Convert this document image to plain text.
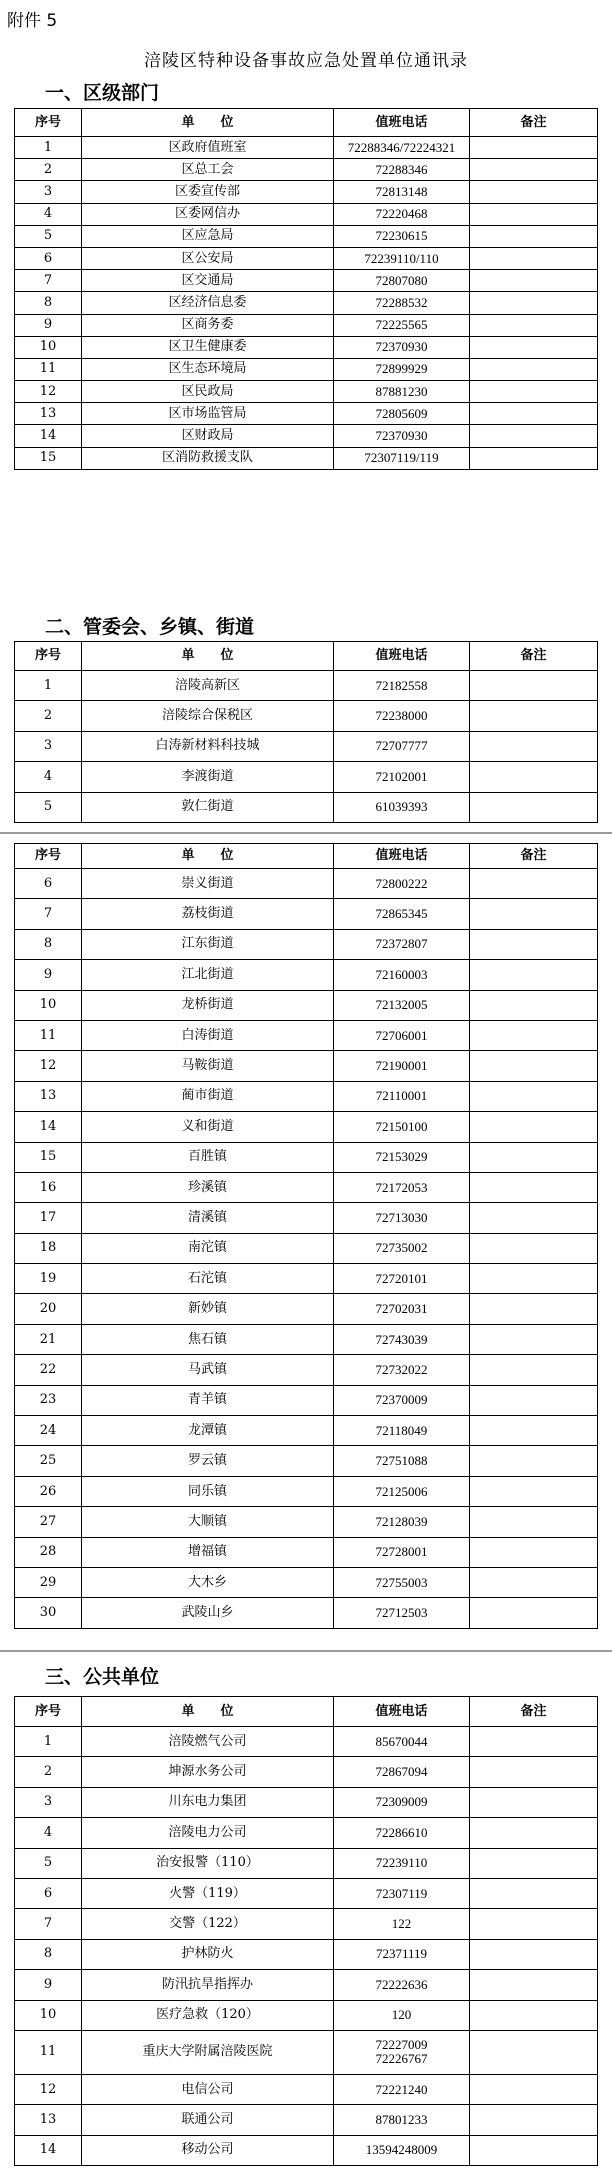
附件 5
涪陵区特种设备事故应急处置单位通讯录
一、区级部门
序号	单　　位	值班电话	备注
1	区政府值班室	72288346/72224321	
2	区总工会	72288346	
3	区委宣传部	72813148	
4	区委网信办	72220468	
5	区应急局	72230615	
6	区公安局	72239110/110	
7	区交通局	72807080	
8	区经济信息委	72288532	
9	区商务委	72225565	
10	区卫生健康委	72370930	
11	区生态环境局	72899929	
12	区民政局	87881230	
13	区市场监管局	72805609	
14	区财政局	72370930	
15	区消防救援支队	72307119/119	
二、管委会、乡镇、街道
序号	单　　位	值班电话	备注
1	涪陵高新区	72182558	
2	涪陵综合保税区	72238000	
3	白涛新材料科技城	72707777	
4	李渡街道	72102001	
5	敦仁街道	61039393	
序号	单　　位	值班电话	备注
6	崇义街道	72800222	
7	荔枝街道	72865345	
8	江东街道	72372807	
9	江北街道	72160003	
10	龙桥街道	72132005	
11	白涛街道	72706001	
12	马鞍街道	72190001	
13	蔺市街道	72110001	
14	义和街道	72150100	
15	百胜镇	72153029	
16	珍溪镇	72172053	
17	清溪镇	72713030	
18	南沱镇	72735002	
19	石沱镇	72720101	
20	新妙镇	72702031	
21	焦石镇	72743039	
22	马武镇	72732022	
23	青羊镇	72370009	
24	龙潭镇	72118049	
25	罗云镇	72751088	
26	同乐镇	72125006	
27	大顺镇	72128039	
28	增福镇	72728001	
29	大木乡	72755003	
30	武陵山乡	72712503	
三、公共单位
序号	单　　位	值班电话	备注
1	涪陵燃气公司	85670044	
2	坤源水务公司	72867094	
3	川东电力集团	72309009	
4	涪陵电力公司	72286610	
5	治安报警（110）	72239110	
6	火警（119）	72307119	
7	交警（122）	122	
8	护林防火	72371119	
9	防汛抗旱指挥办	72222636	
10	医疗急救（120）	120	
11	重庆大学附属涪陵医院	72227009
72226767	
12	电信公司	72221240	
13	联通公司	87801233	
14	移动公司	13594248009	
